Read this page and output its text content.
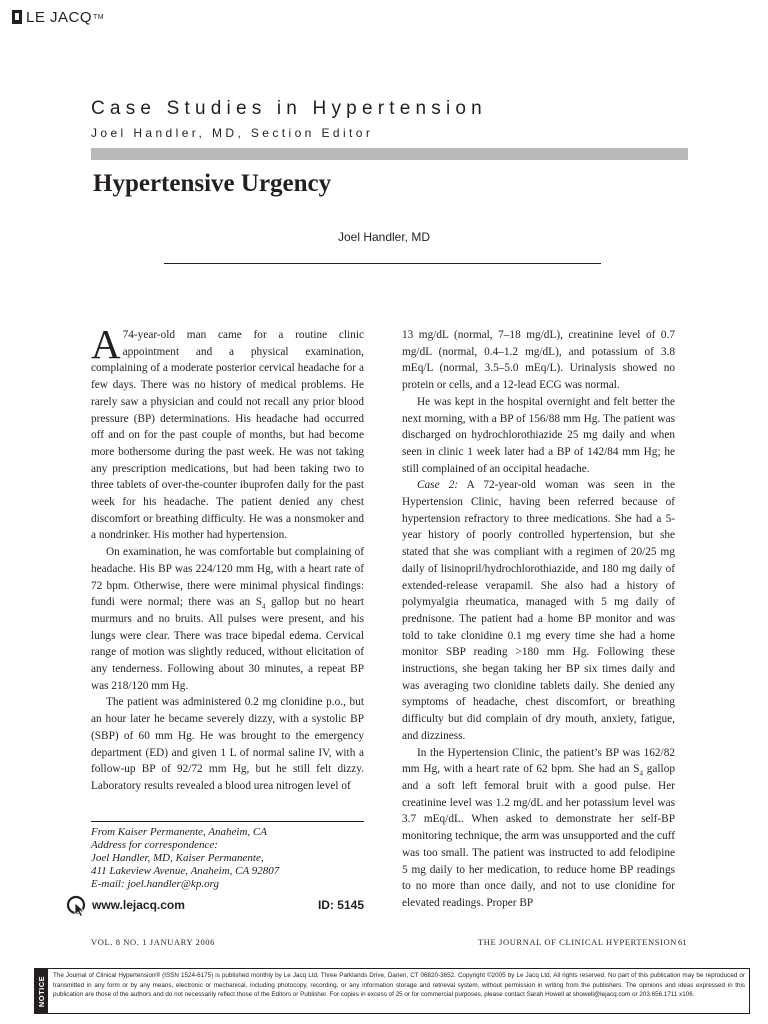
LE JACQ TM
Case Studies in Hypertension
Joel Handler, MD, Section Editor
Hypertensive Urgency
Joel Handler, MD

A 74-year-old man came for a routine clinic appointment and a physical examination, complaining of a moderate posterior cervical headache for a few days. There was no history of medical problems. He rarely saw a physician and could not recall any prior blood pressure (BP) determinations. His headache had occurred off and on for the past couple of months, but had become more bothersome during the past week. He was not taking any prescription medications, but had been taking two to three tablets of over-the-counter ibuprofen daily for the past week for his headache. The patient denied any chest discomfort or breathing difficulty. He was a nonsmoker and a nondrinker. His mother had hypertension.

On examination, he was comfortable but complaining of headache. His BP was 224/120 mm Hg, with a heart rate of 72 bpm. Otherwise, there were minimal physical findings: fundi were normal; there was an $S_4$ gallop but no heart murmurs and no bruits. All pulses were present, and his lungs were clear. There was trace bipedal edema. Cervical range of motion was slightly reduced, without elicitation of any tenderness. Following about 30 minutes, a repeat BP was 218/120 mm Hg.

The patient was administered 0.2 mg clonidine p.o., but an hour later he became severely dizzy, with a systolic BP (SBP) of 60 mm Hg. He was brought to the emergency department (ED) and given 1 L of normal saline IV, with a follow-up BP of 92/72 mm Hg, but he still felt dizzy. Laboratory results revealed a blood urea nitrogen level of

13 mg/dL (normal, 7–18 mg/dL), creatinine level of 0.7 mg/dL (normal, 0.4–1.2 mg/dL), and potassium of 3.8 mEq/L (normal, 3.5–5.0 mEq/L). Urinalysis showed no protein or cells, and a 12-lead ECG was normal.

He was kept in the hospital overnight and felt better the next morning, with a BP of 156/88 mm Hg. The patient was discharged on hydrochlorothiazide 25 mg daily and when seen in clinic 1 week later had a BP of 142/84 mm Hg; he still complained of an occipital headache.

Case 2: A 72-year-old woman was seen in the Hypertension Clinic, having been referred because of hypertension refractory to three medications. She had a 5-year history of poorly controlled hypertension, but she stated that she was compliant with a regimen of 20/25 mg daily of lisinopril/hydrochlorothiazide, and 180 mg daily of extended-release verapamil. She also had a history of polymyalgia rheumatica, managed with 5 mg daily of prednisone. The patient had a home BP monitor and was told to take clonidine 0.1 mg every time she had a home monitor SBP reading >180 mm Hg. Following these instructions, she began taking her BP six times daily and was averaging two clonidine tablets daily. She denied any symptoms of headache, chest discomfort, or breathing difficulty but did complain of dry mouth, anxiety, fatigue, and dizziness.

In the Hypertension Clinic, the patient’s BP was 162/82 mm Hg, with a heart rate of 62 bpm. She had an $S_4$ gallop and a soft left femoral bruit with a good pulse. Her creatinine level was 1.2 mg/dL and her potassium level was 3.7 mEq/dL. When asked to demonstrate her self-BP monitoring technique, the arm was unsupported and the cuff was too small. The patient was instructed to add felodipine 5 mg daily to her medication, to reduce home BP readings to no more than once daily, and not to use clonidine for elevated readings. Proper BP

From Kaiser Permanente, Anaheim, CA
Address for correspondence:
Joel Handler, MD, Kaiser Permanente,
411 Lakeview Avenue, Anaheim, CA 92807
E-mail: joel.handler@kp.org
www.lejacq.com	ID: 5145
VOL. 8 NO. 1 JANUARY 2006	THE JOURNAL OF CLINICAL HYPERTENSION 61
NOTICE The Journal of Clinical Hypertension® (ISSN 1524-6175) is published monthly by Le Jacq Ltd, Three Parklands Drive, Darien, CT 06820-3652. Copyright ©2005 by Le Jacq Ltd, All rights reserved. No part of this publication may be reproduced or transmitted in any form or by any means, electronic or mechanical, including photocopy, recording, or any information storage and retrieval system, without permission in writing from the publishers. The opinions and ideas expressed in this publication are those of the authors and do not necessarily reflect those of the Editors or Publisher. For copies in excess of 25 or for commercial purposes, please contact Sarah Howell at showell@lejacq.com or 203.656.1711 x106.
